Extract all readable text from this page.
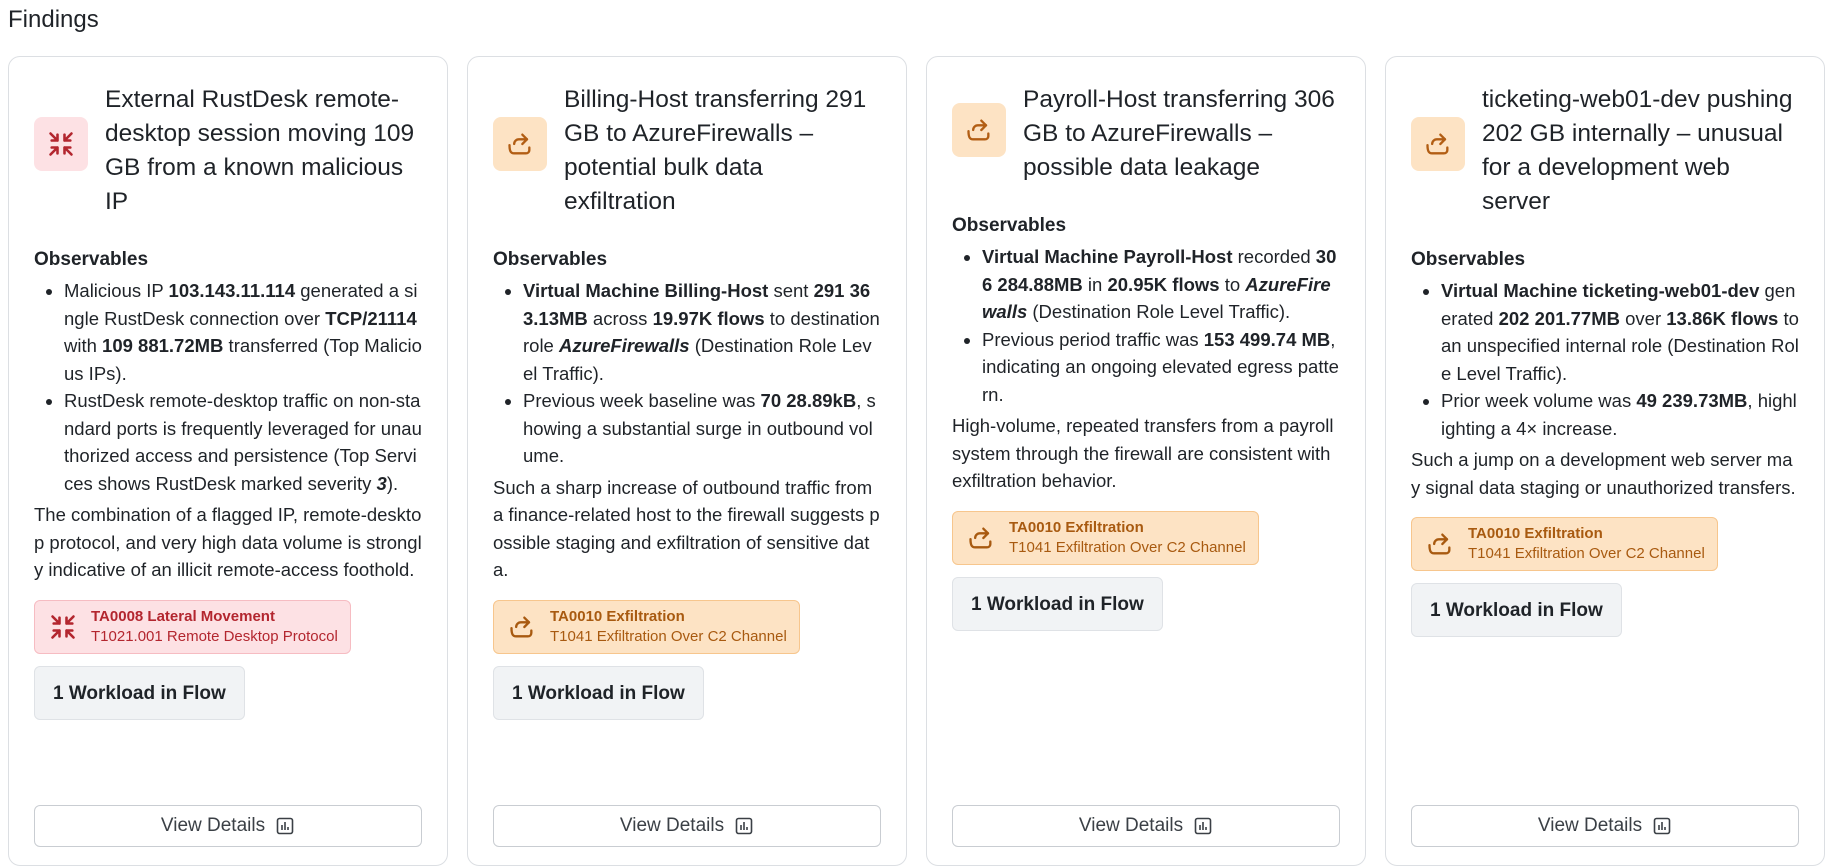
Findings
External RustDesk remote-desktop session moving 109 GB from a known malicious IP
Observables
• Malicious IP 103.143.11.114 generated a single RustDesk connection over TCP/21114 with 109 881.72MB transferred (Top Malicious IPs).
• RustDesk remote-desktop traffic on non-standard ports is frequently leveraged for unauthorized access and persistence (Top Services shows RustDesk marked severity 3).
The combination of a flagged IP, remote-desktop protocol, and very high data volume is strongly indicative of an illicit remote-access foothold.
TA0008 Lateral Movement
T1021.001 Remote Desktop Protocol
1 Workload in Flow
View Details
Billing-Host transferring 291 GB to AzureFirewalls – potential bulk data exfiltration
Observables
• Virtual Machine Billing-Host sent 291 363.13MB across 19.97K flows to destination role AzureFirewalls (Destination Role Level Traffic).
• Previous week baseline was 70 28.89kB, showing a substantial surge in outbound volume.
Such a sharp increase of outbound traffic from a finance-related host to the firewall suggests possible staging and exfiltration of sensitive data.
TA0010 Exfiltration
T1041 Exfiltration Over C2 Channel
1 Workload in Flow
View Details
Payroll-Host transferring 306 GB to AzureFirewalls – possible data leakage
Observables
• Virtual Machine Payroll-Host recorded 306 284.88MB in 20.95K flows to AzureFirewalls (Destination Role Level Traffic).
• Previous period traffic was 153 499.74 MB, indicating an ongoing elevated egress pattern.
High-volume, repeated transfers from a payroll system through the firewall are consistent with exfiltration behavior.
TA0010 Exfiltration
T1041 Exfiltration Over C2 Channel
1 Workload in Flow
View Details
ticketing-web01-dev pushing 202 GB internally – unusual for a development web server
Observables
• Virtual Machine ticketing-web01-dev generated 202 201.77MB over 13.86K flows to an unspecified internal role (Destination Role Level Traffic).
• Prior week volume was 49 239.73MB, highlighting a 4× increase.
Such a jump on a development web server may signal data staging or unauthorized transfers.
TA0010 Exfiltration
T1041 Exfiltration Over C2 Channel
1 Workload in Flow
View Details
